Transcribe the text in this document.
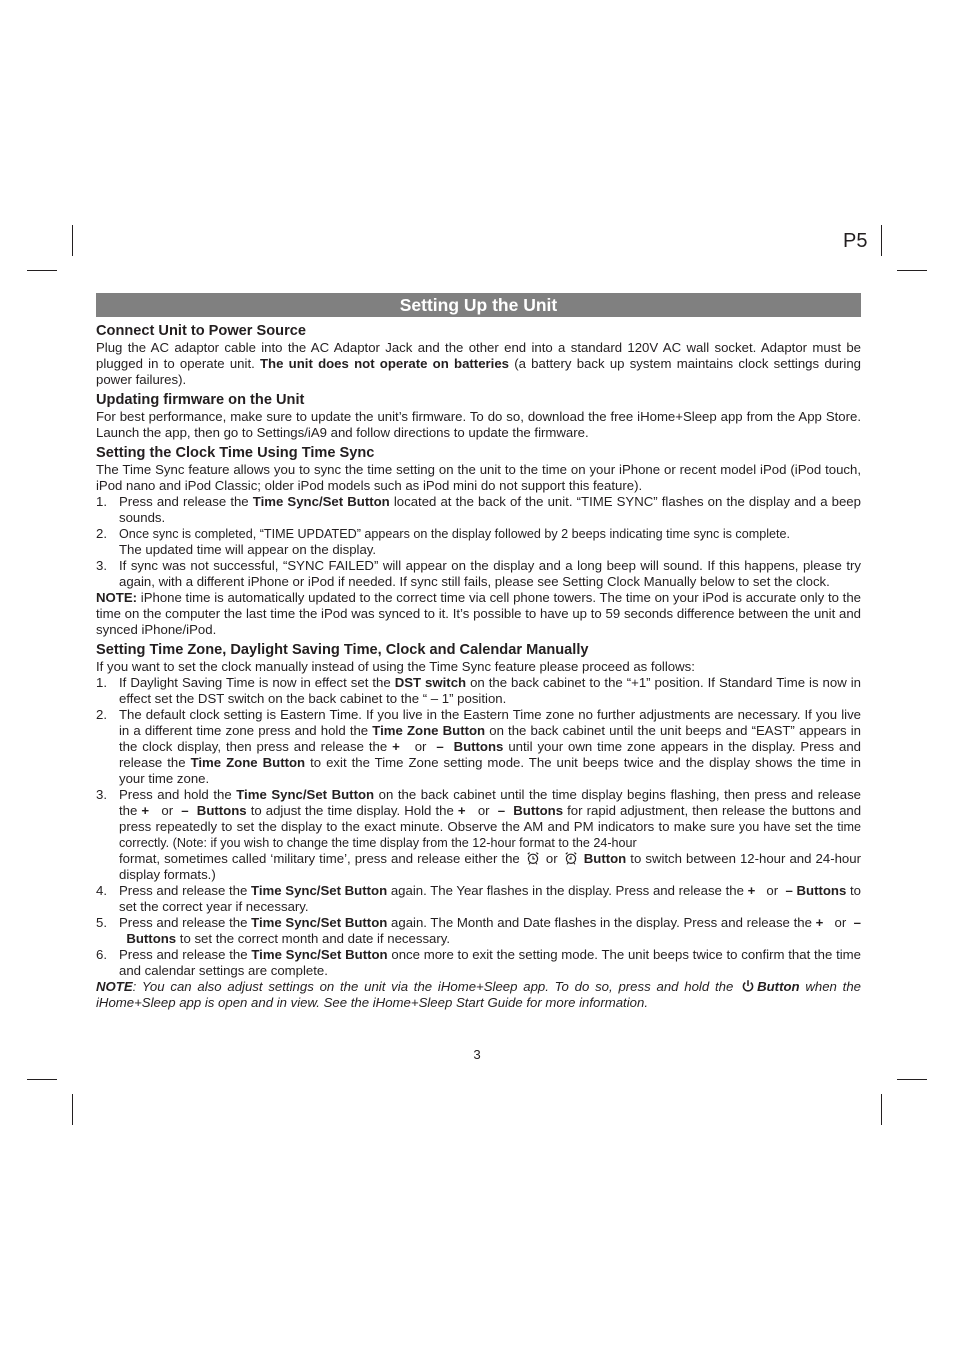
P5
Setting Up the Unit
Connect Unit to Power Source

Plug the AC adaptor cable into the AC Adaptor Jack and the other end into a standard 120V AC wall socket. Adaptor must be plugged in to operate unit. The unit does not operate on batteries (a battery back up system maintains clock settings during power failures).

Updating firmware on the Unit

For best performance, make sure to update the unit’s firmware. To do so, download the free iHome+Sleep app from the App Store. Launch the app, then go to Settings/iA9 and follow directions to update the firmware.

Setting the Clock Time Using Time Sync

The Time Sync feature allows you to sync the time setting on the unit to the time on your iPhone or recent model iPod (iPod touch, iPod nano and iPod Classic; older iPod models such as iPod mini do not support this feature).

1. Press and release the Time Sync/Set Button located at the back of the unit. “TIME SYNC” flashes on the display and a beep sounds.
2. Once sync is completed, “TIME UPDATED” appears on the display followed by 2 beeps indicating time sync is complete.
The updated time will appear on the display.
3. If sync was not successful, “SYNC FAILED” will appear on the display and a long beep will sound. If this happens, please try again, with a different iPhone or iPod if needed. If sync still fails, please see Setting Clock Manually below to set the clock.

NOTE: iPhone time is automatically updated to the correct time via cell phone towers. The time on your iPod is accurate only to the time on the computer the last time the iPod was synced to it. It’s possible to have up to 59 seconds difference between the unit and synced iPhone/iPod.

Setting Time Zone, Daylight Saving Time, Clock and Calendar Manually

If you want to set the clock manually instead of using the Time Sync feature please proceed as follows:

1. If Daylight Saving Time is now in effect set the DST switch on the back cabinet to the “+1” position. If Standard Time is now in effect set the DST switch on the back cabinet to the “ – 1” position.
2. The default clock setting is Eastern Time. If you live in the Eastern Time zone no further adjustments are necessary. If you live in a different time zone press and hold the Time Zone Button on the back cabinet until the unit beeps and “EAST” appears in the clock display, then press and release the + or – Buttons until your own time zone appears in the display. Press and release the Time Zone Button to exit the Time Zone setting mode. The unit beeps twice and the display shows the time in your time zone.
3. Press and hold the Time Sync/Set Button on the back cabinet until the time display begins flashing, then press and release the + or – Buttons to adjust the time display. Hold the + or – Buttons for rapid adjustment, then release the buttons and press repeatedly to set the display to the exact minute. Observe the AM and PM indicators to make sure you have set the time correctly. (Note: if you wish to change the time display from the 12-hour format to the 24-hour
format, sometimes called ‘military time’, press and release either the  or Button to switch between 12-hour and 24-hour display formats.)
4. Press and release the Time Sync/Set Button again. The Year flashes in the display. Press and release the + or – Buttons to set the correct year if necessary.
5. Press and release the Time Sync/Set Button again. The Month and Date flashes in the display. Press and release the + or –  Buttons to set the correct month and date if necessary.
6. Press and release the Time Sync/Set Button once more to exit the setting mode. The unit beeps twice to confirm that the time and calendar settings are complete.

NOTE: You can also adjust settings on the unit via the iHome+Sleep app. To do so, press and hold the Button when the iHome+Sleep app is open and in view. See the iHome+Sleep Start Guide for more information.

3
